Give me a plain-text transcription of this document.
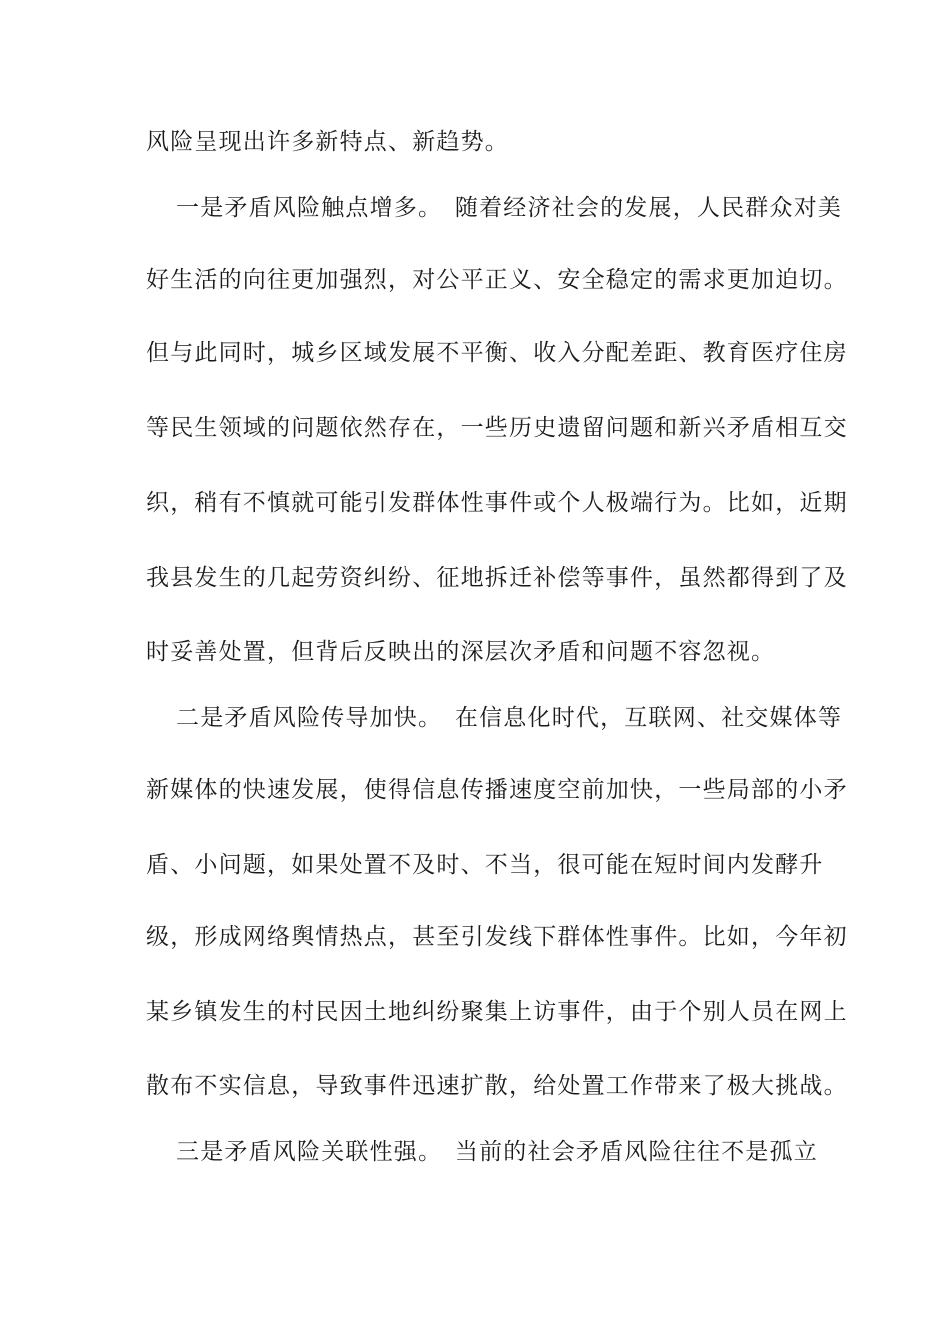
风险呈现出许多新特点、新趋势。
一是矛盾风险触点增多。　随着经济社会的发展，人民群众对美
好生活的向往更加强烈，对公平正义、安全稳定的需求更加迫切。
但与此同时，城乡区域发展不平衡、收入分配差距、教育医疗住房
等民生领域的问题依然存在，一些历史遗留问题和新兴矛盾相互交
织，稍有不慎就可能引发群体性事件或个人极端行为。比如，近期
我县发生的几起劳资纠纷、征地拆迁补偿等事件，虽然都得到了及
时妥善处置，但背后反映出的深层次矛盾和问题不容忽视。
二是矛盾风险传导加快。　在信息化时代，互联网、社交媒体等
新媒体的快速发展，使得信息传播速度空前加快，一些局部的小矛
盾、小问题，如果处置不及时、不当，很可能在短时间内发酵升
级，形成网络舆情热点，甚至引发线下群体性事件。比如，今年初
某乡镇发生的村民因土地纠纷聚集上访事件，由于个别人员在网上
散布不实信息，导致事件迅速扩散，给处置工作带来了极大挑战。
三是矛盾风险关联性强。　当前的社会矛盾风险往往不是孤立
